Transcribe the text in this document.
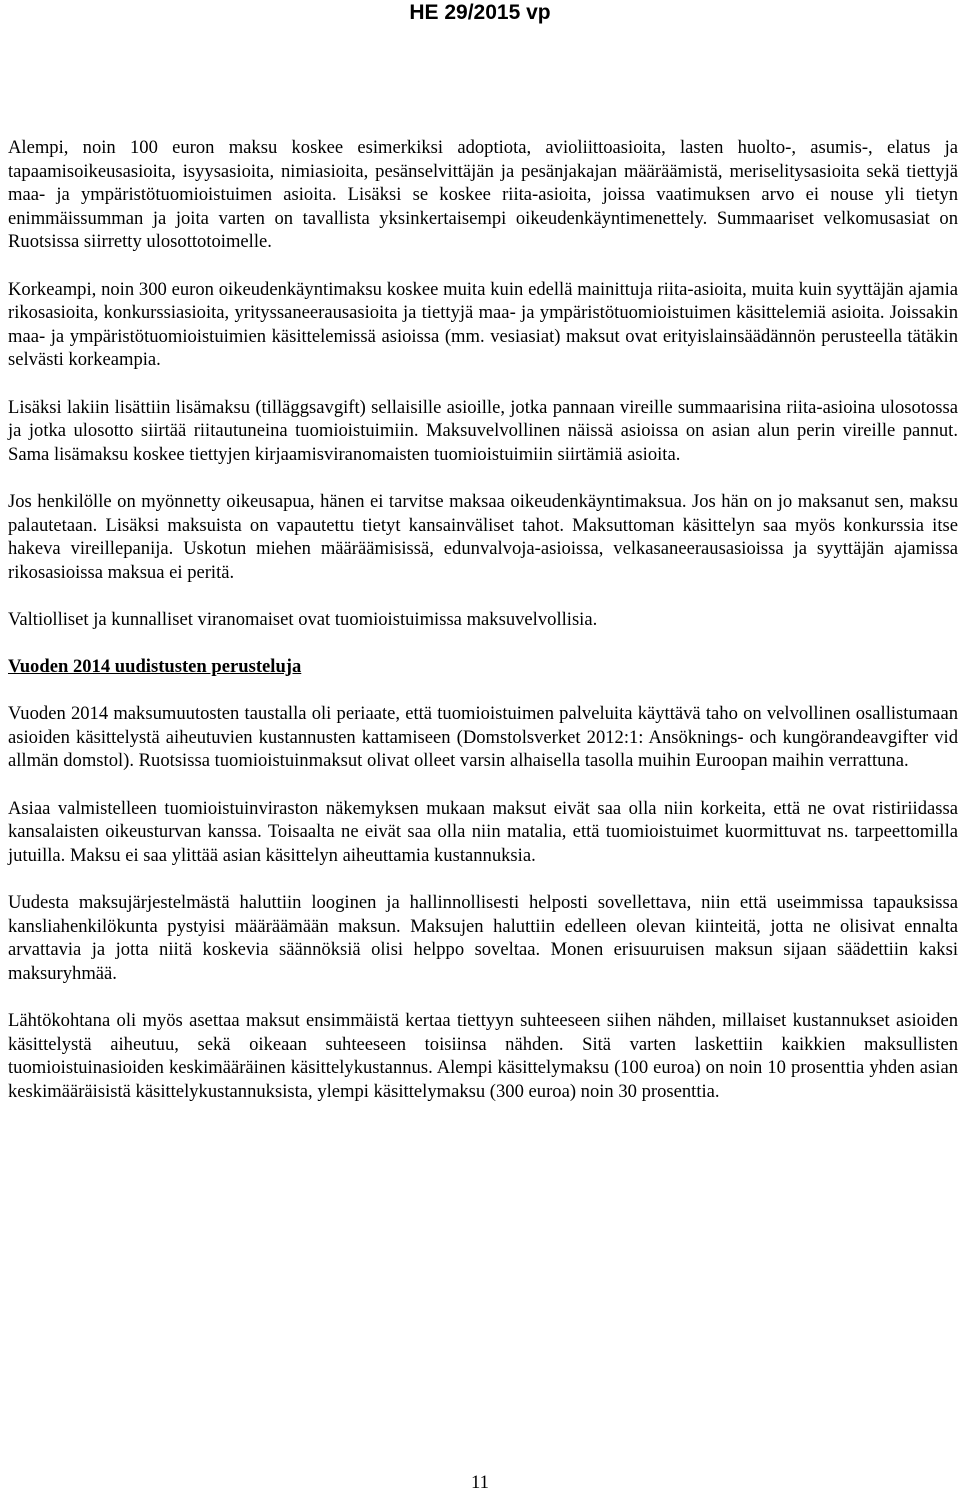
HE 29/2015 vp

Alempi, noin 100 euron maksu koskee esimerkiksi adoptiota, avioliittoasioita, lasten huolto-, asumis-, elatus ja tapaamisoikeusasioita, isyysasioita, nimiasioita, pesänselvittäjän ja pesänjakajan määräämistä, meriselitysasioita sekä tiettyjä maa- ja ympäristötuomioistuimen asioita. Lisäksi se koskee riita-asioita, joissa vaatimuksen arvo ei nouse yli tietyn enimmäissumman ja joita varten on tavallista yksinkertaisempi oikeudenkäyntimenettely. Summaariset velkomusasiat on Ruotsissa siirretty ulosottotoimelle.

Korkeampi, noin 300 euron oikeudenkäyntimaksu koskee muita kuin edellä mainittuja riita-asioita, muita kuin syyttäjän ajamia rikosasioita, konkurssiasioita, yrityssaneerausasioita ja tiettyjä maa- ja ympäristötuomioistuimen käsittelemiä asioita. Joissakin maa- ja ympäristötuomioistuimien käsittelemissä asioissa (mm. vesiasiat) maksut ovat erityislainsäädännön perusteella tätäkin selvästi korkeampia.

Lisäksi lakiin lisättiin lisämaksu (tilläggsavgift) sellaisille asioille, jotka pannaan vireille summaarisina riita-asioina ulosotossa ja jotka ulosotto siirtää riitautuneina tuomioistuimiin. Maksuvelvollinen näissä asioissa on asian alun perin vireille pannut. Sama lisämaksu koskee tiettyjen kirjaamisviranomaisten tuomioistuimiin siirtämiä asioita.

Jos henkilölle on myönnetty oikeusapua, hänen ei tarvitse maksaa oikeudenkäyntimaksua. Jos hän on jo maksanut sen, maksu palautetaan. Lisäksi maksuista on vapautettu tietyt kansainväliset tahot. Maksuttoman käsittelyn saa myös konkurssia itse hakeva vireillepanija. Uskotun miehen määräämisissä, edunvalvoja-asioissa, velkasaneerausasioissa ja syyttäjän ajamissa rikosasioissa maksua ei peritä.

Valtiolliset ja kunnalliset viranomaiset ovat tuomioistuimissa maksuvelvollisia.

Vuoden 2014 uudistusten perusteluja

Vuoden 2014 maksumuutosten taustalla oli periaate, että tuomioistuimen palveluita käyttävä taho on velvollinen osallistumaan asioiden käsittelystä aiheutuvien kustannusten kattamiseen (Domstolsverket 2012:1: Ansöknings- och kungörandeavgifter vid allmän domstol). Ruotsissa tuomioistuinmaksut olivat olleet varsin alhaisella tasolla muihin Euroopan maihin verrattuna.

Asiaa valmistelleen tuomioistuinviraston näkemyksen mukaan maksut eivät saa olla niin korkeita, että ne ovat ristiriidassa kansalaisten oikeusturvan kanssa. Toisaalta ne eivät saa olla niin matalia, että tuomioistuimet kuormittuvat ns. tarpeettomilla jutuilla. Maksu ei saa ylittää asian käsittelyn aiheuttamia kustannuksia.

Uudesta maksujärjestelmästä haluttiin looginen ja hallinnollisesti helposti sovellettava, niin että useimmissa tapauksissa kansliahenkilökunta pystyisi määräämään maksun. Maksujen haluttiin edelleen olevan kiinteitä, jotta ne olisivat ennalta arvattavia ja jotta niitä koskevia säännöksiä olisi helppo soveltaa. Monen erisuuruisen maksun sijaan säädettiin kaksi maksuryhmää.

Lähtökohtana oli myös asettaa maksut ensimmäistä kertaa tiettyyn suhteeseen siihen nähden, millaiset kustannukset asioiden käsittelystä aiheutuu, sekä oikeaan suhteeseen toisiinsa nähden. Sitä varten laskettiin kaikkien maksullisten tuomioistuinasioiden keskimääräinen käsittelykustannus. Alempi käsittelymaksu (100 euroa) on noin 10 prosenttia yhden asian keskimääräisistä käsittelykustannuksista, ylempi käsittelymaksu (300 euroa) noin 30 prosenttia.

11
